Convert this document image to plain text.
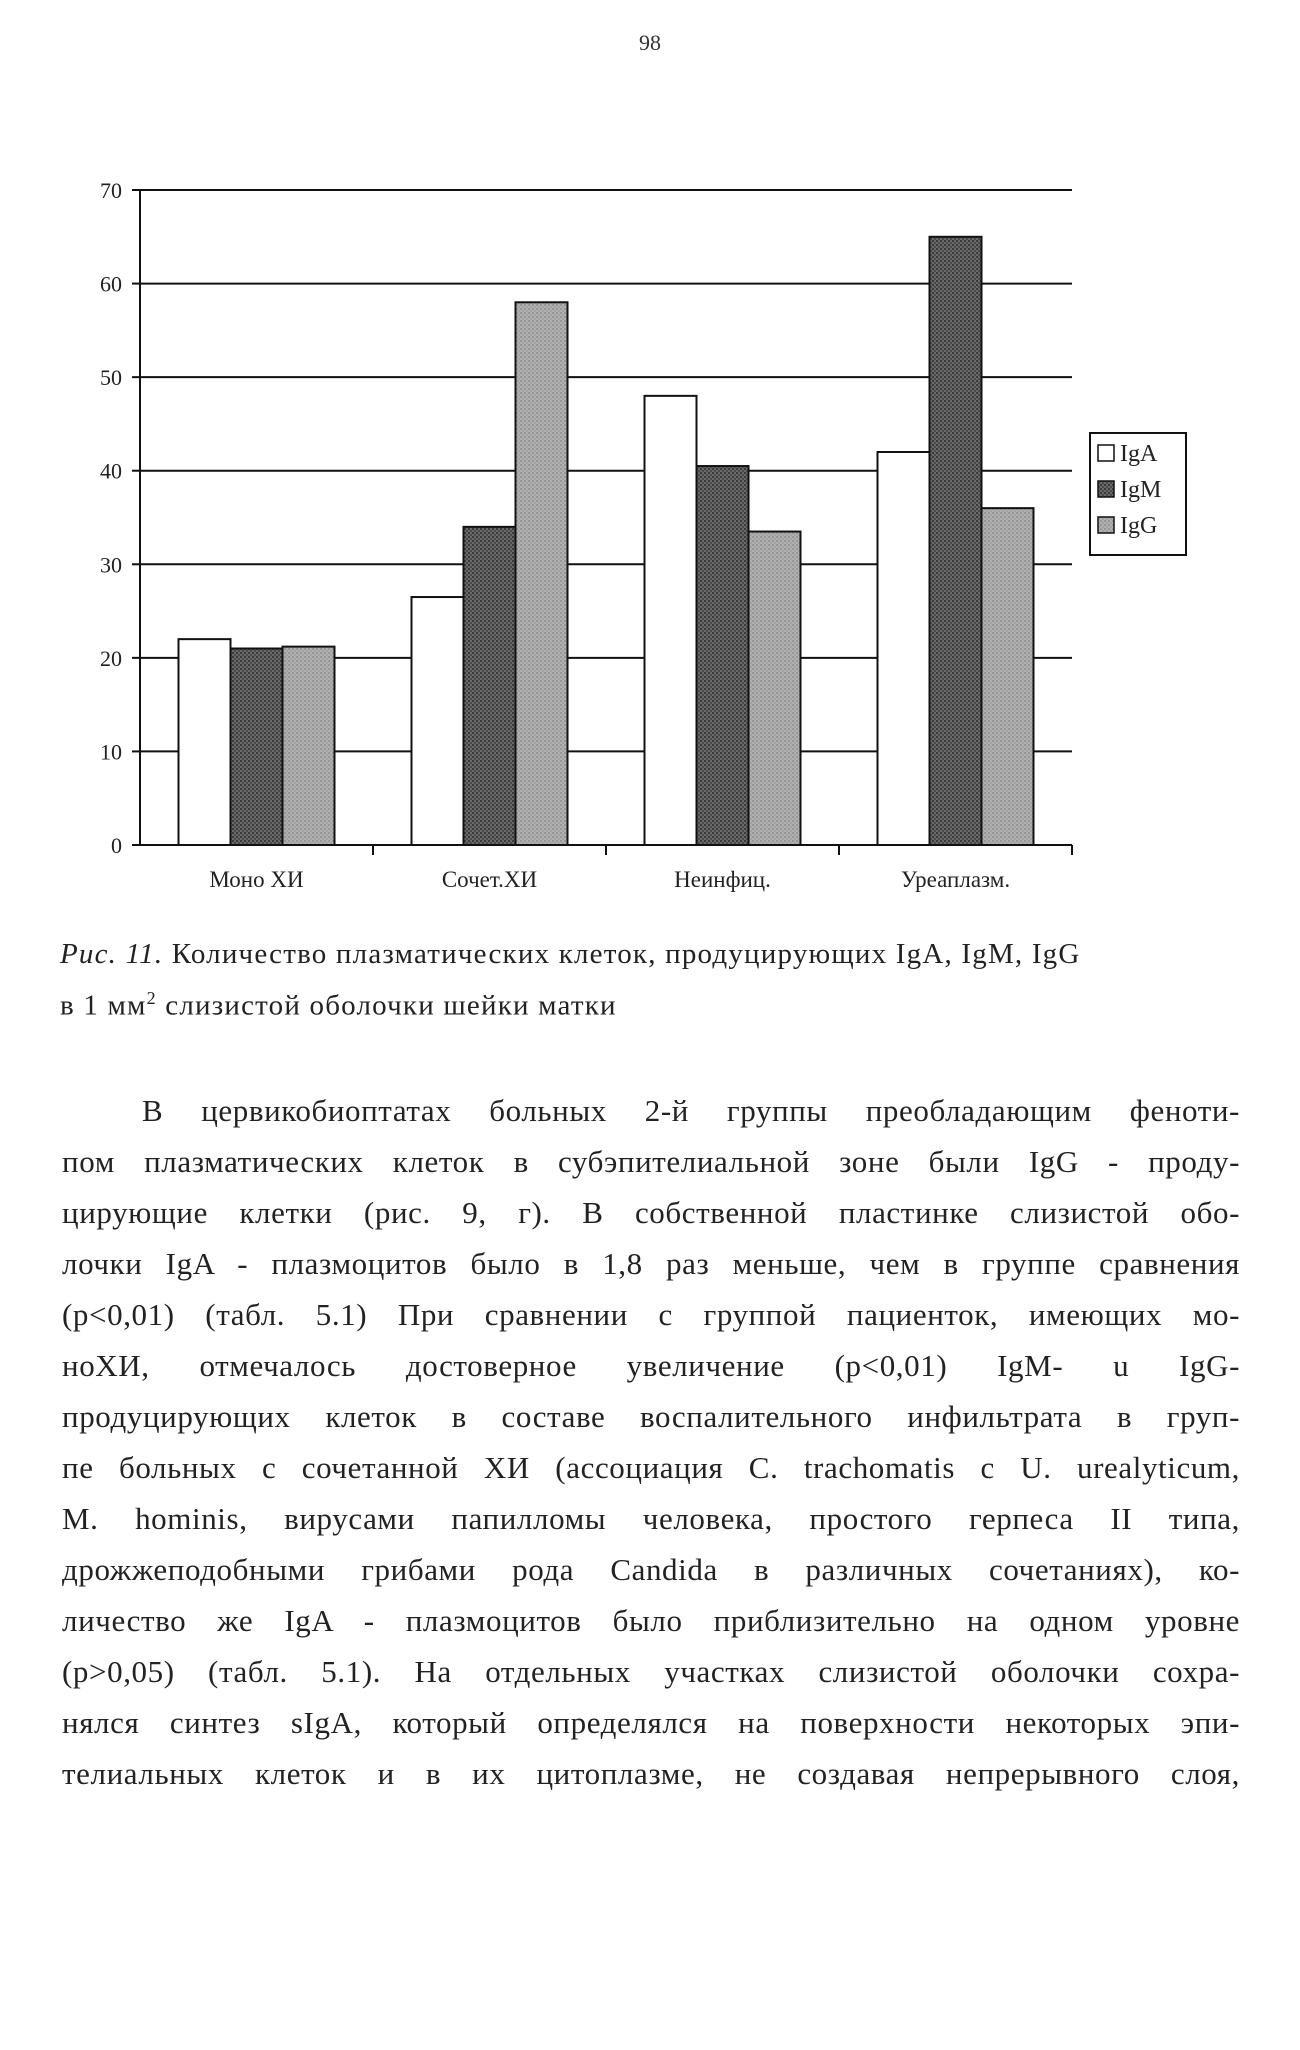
98
0
10
20
30
40
50
60
70
Моно ХИ	Сочет.ХИ	Неинфиц.	Уреаплазм.
IgA
IgM
IgG
Рис. 11. Количество плазматических клеток, продуцирующих IgA, IgM, IgG
в 1 $мм^2$ слизистой оболочки шейки матки

В цервикобиоптатах больных 2-й группы преобладающим феноти-

пом плазматических клеток в субэпителиальной зоне были IgG - проду-

цирующие клетки (рис. 9, г). В собственной пластинке слизистой обо-

лочки IgA - плазмоцитов было в 1,8 раз меньше, чем в группе сравнения

(р<0,01) (табл. 5.1) При сравнении с группой пациенток, имеющих мо-

ноХИ, отмечалось достоверное увеличение (р<0,01) IgM- u IgG-

продуцирующих клеток в составе воспалительного инфильтрата в груп-

пе больных с сочетанной ХИ (ассоциация C. trachomatis с U. urealyticum,

M. hominis, вирусами папилломы человека, простого герпеса II типа,

дрожжеподобными грибами рода Candida в различных сочетаниях), ко-

личество же IgA - плазмоцитов было приблизительно на одном уровне

(р>0,05) (табл. 5.1). На отдельных участках слизистой оболочки сохра-

нялся синтез sIgA, который определялся на поверхности некоторых эпи-

телиальных клеток и в их цитоплазме, не создавая непрерывного слоя,
